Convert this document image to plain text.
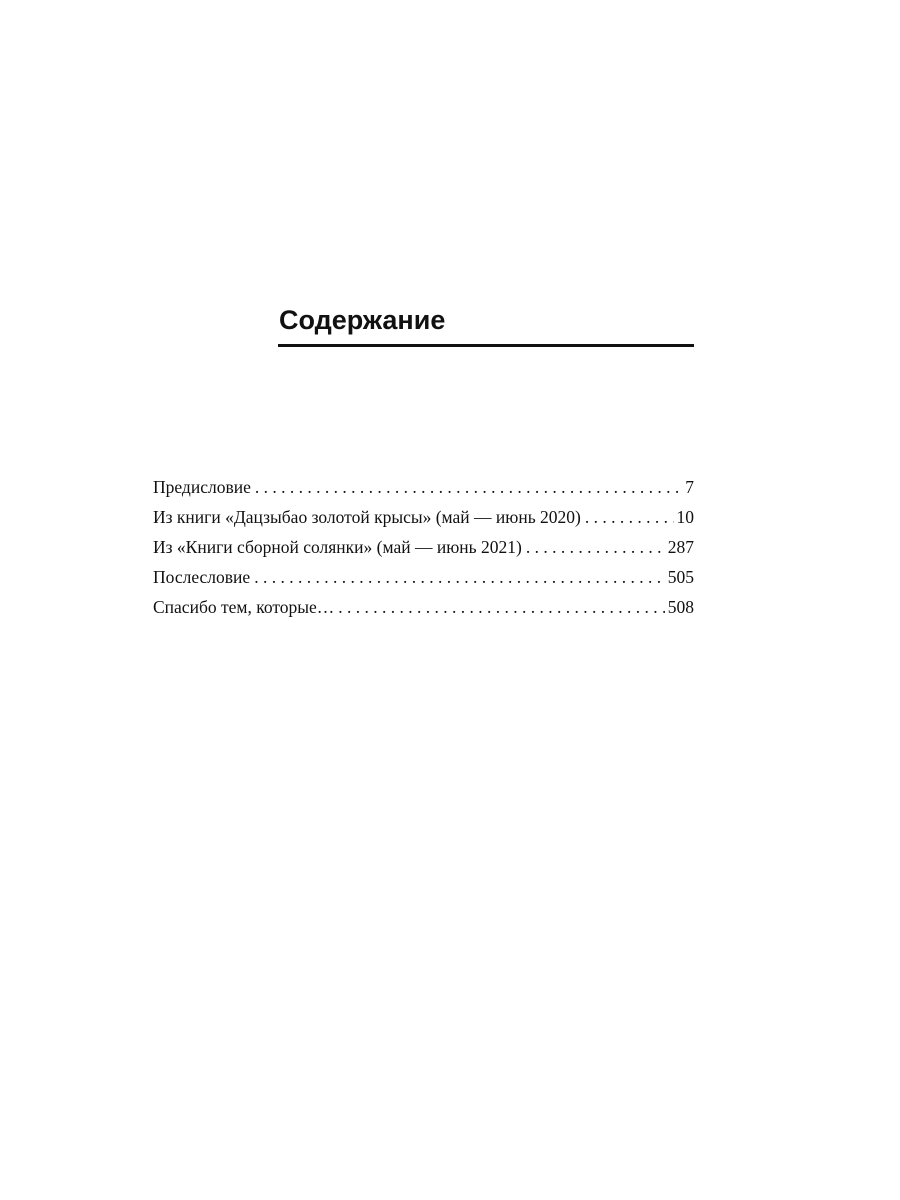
Содержание
Предисловие . . .	7
Из книги «Дацзыбао золотой крысы» (май — июнь 2020) . . .	10
Из «Книги сборной солянки» (май — июнь 2021) . . .	287
Послесловие . . .	505
Спасибо тем, которые… . . .	508
